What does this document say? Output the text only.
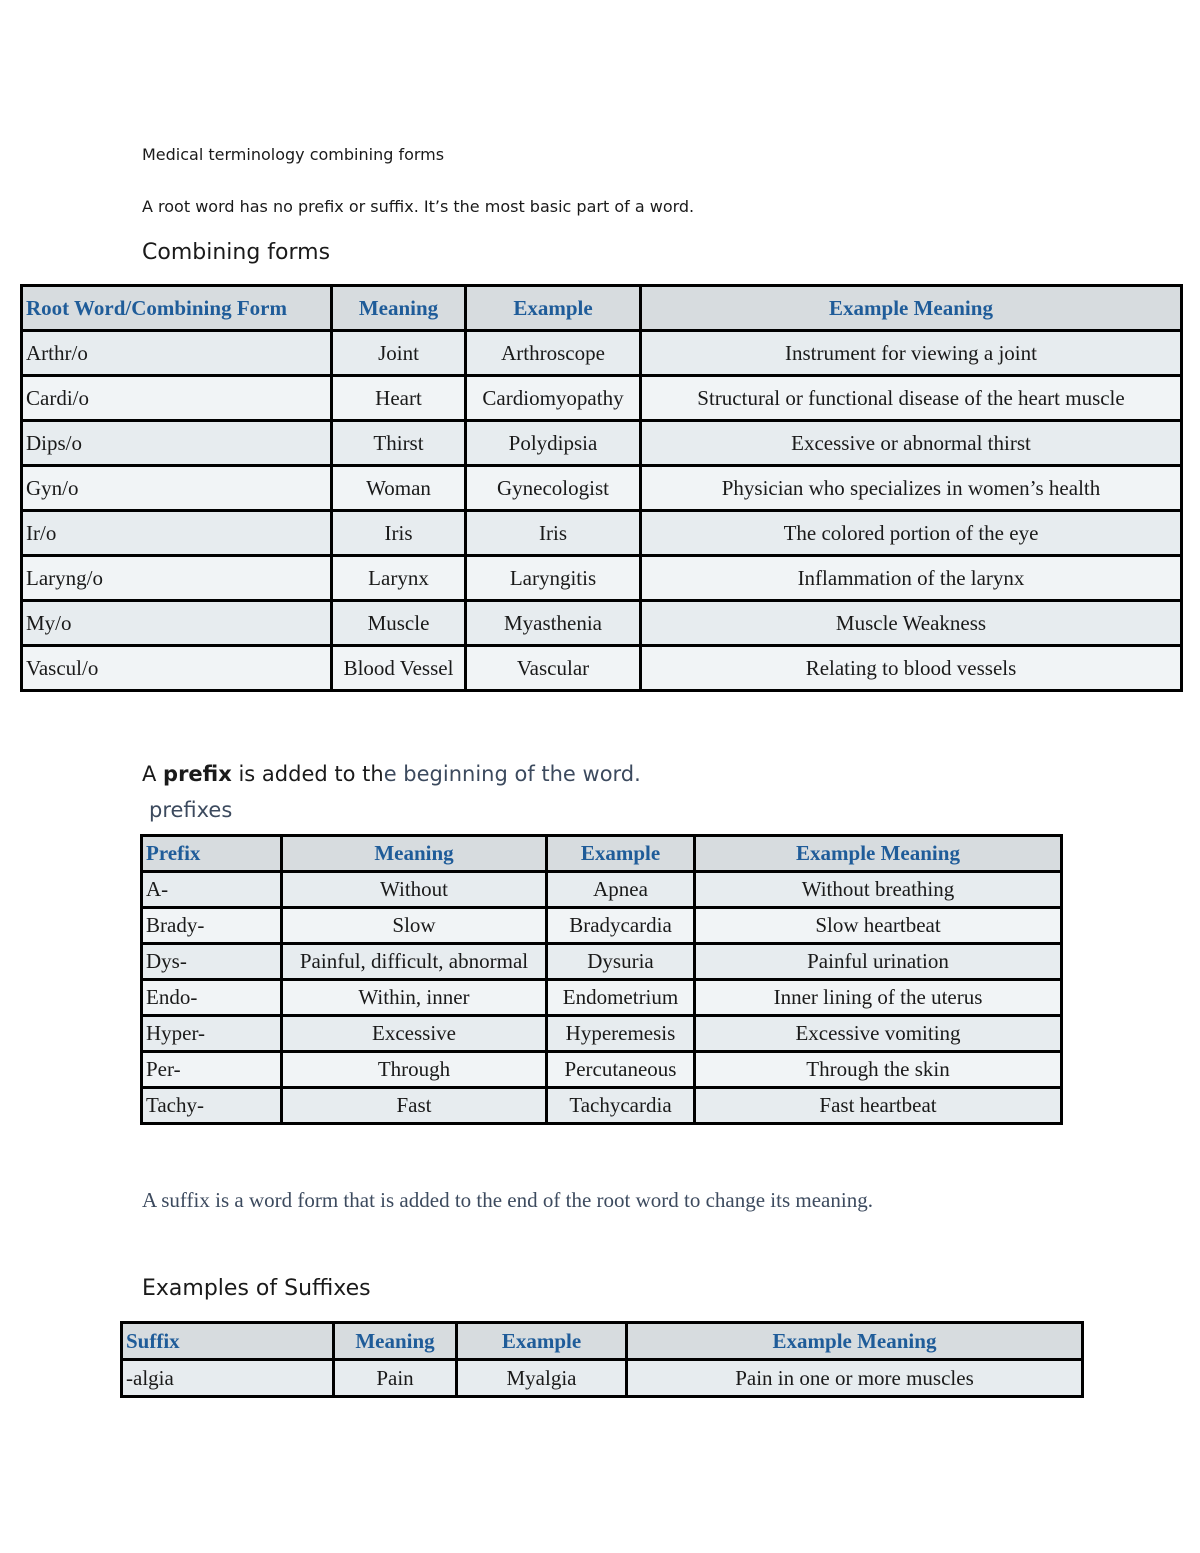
Medical terminology combining forms
A root word has no prefix or suffix. It’s the most basic part of a word.
Combining forms
Root Word/Combining Form	Meaning	Example	Example Meaning
Arthr/o	Joint	Arthroscope	Instrument for viewing a joint
Cardi/o	Heart	Cardiomyopathy	Structural or functional disease of the heart muscle
Dips/o	Thirst	Polydipsia	Excessive or abnormal thirst
Gyn/o	Woman	Gynecologist	Physician who specializes in women’s health
Ir/o	Iris	Iris	The colored portion of the eye
Laryng/o	Larynx	Laryngitis	Inflammation of the larynx
My/o	Muscle	Myasthenia	Muscle Weakness
Vascul/o	Blood Vessel	Vascular	Relating to blood vessels
A prefix is added to the beginning of the word.
prefixes
Prefix	Meaning	Example	Example Meaning
A-	Without	Apnea	Without breathing
Brady-	Slow	Bradycardia	Slow heartbeat
Dys-	Painful, difficult, abnormal	Dysuria	Painful urination
Endo-	Within, inner	Endometrium	Inner lining of the uterus
Hyper-	Excessive	Hyperemesis	Excessive vomiting
Per-	Through	Percutaneous	Through the skin
Tachy-	Fast	Tachycardia	Fast heartbeat
A suffix is a word form that is added to the end of the root word to change its meaning.
Examples of Suffixes
Suffix	Meaning	Example	Example Meaning
-algia	Pain	Myalgia	Pain in one or more muscles
